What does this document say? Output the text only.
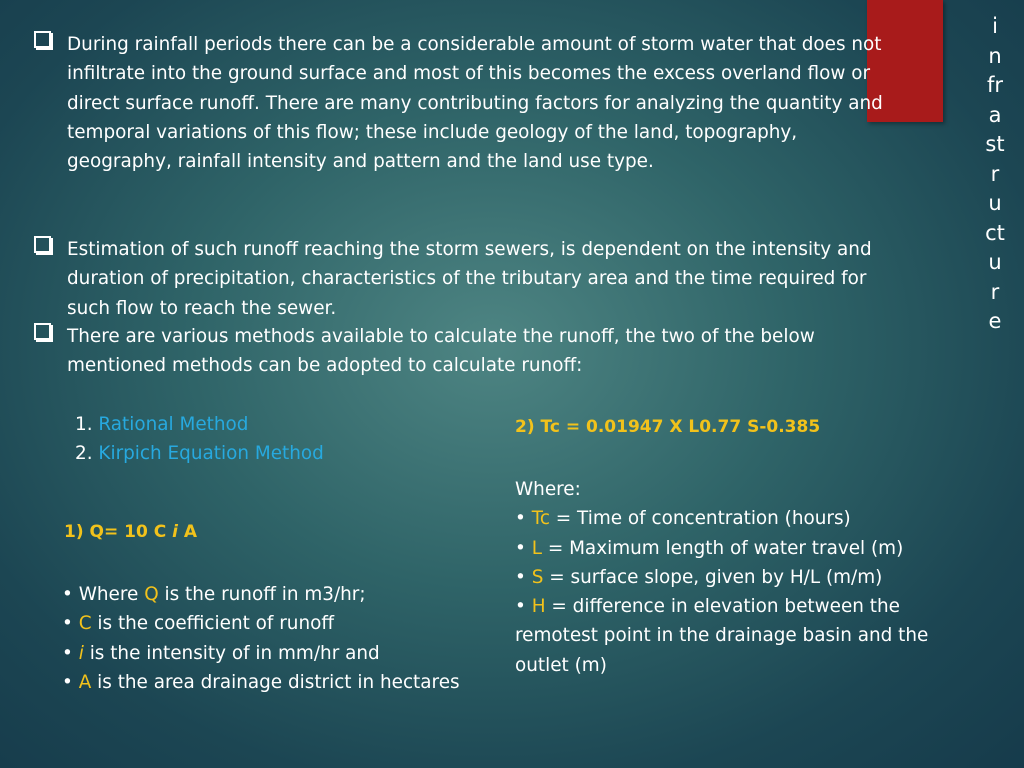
i
n
fr
a
st
r
u
ct
u
r
e

During rainfall periods there can be a considerable amount of storm water that does not infiltrate into the ground surface and most of this becomes the excess overland flow or direct surface runoff. There are many contributing factors for analyzing the quantity and temporal variations of this flow; these include geology of the land, topography, geography, rainfall intensity and pattern and the land use type.

Estimation of such runoff reaching the storm sewers, is dependent on the intensity and duration of precipitation, characteristics of the tributary area and the time required for such flow to reach the sewer.

There are various methods available to calculate the runoff, the two of the below mentioned methods can be adopted to calculate runoff:

1. Rational Method
2. Kirpich Equation Method
1) Q= 10 C i A
• Where Q is the runoff in m3/hr;
• C is the coefficient of runoff
• i is the intensity of in mm/hr and
• A is the area drainage district in hectares
2) Tc = 0.01947 X L0.77 S-0.385
Where:
• Tc = Time of concentration (hours)
• L = Maximum length of water travel (m)
• S = surface slope, given by H/L (m/m)
• H = difference in elevation between the remotest point in the drainage basin and the outlet (m)
